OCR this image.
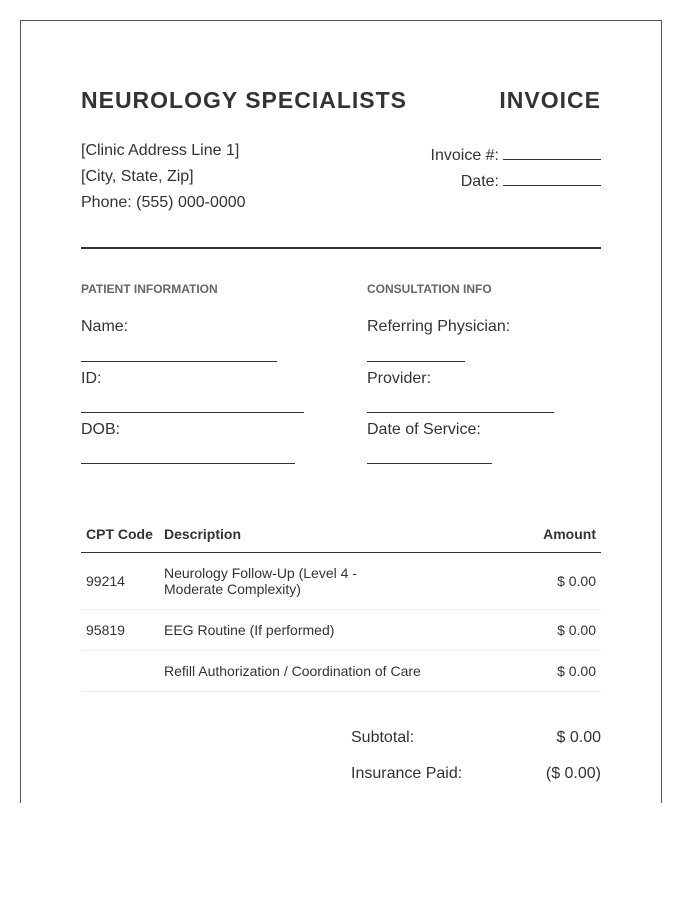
NEUROLOGY SPECIALISTS	INVOICE
[Clinic Address Line 1]
[City, State, Zip]
Phone: (555) 000-0000
Invoice #:
Date:
PATIENT INFORMATION
Name:
ID:
DOB:
CONSULTATION INFO
Referring Physician:
Provider:
Date of Service:
CPT Code	Description	Amount
99214	Neurology Follow-Up (Level 4 - Moderate Complexity)	$ 0.00
95819	EEG Routine (If performed)	$ 0.00
	Refill Authorization / Coordination of Care	$ 0.00
Subtotal:	$ 0.00
Insurance Paid:	($ 0.00)
